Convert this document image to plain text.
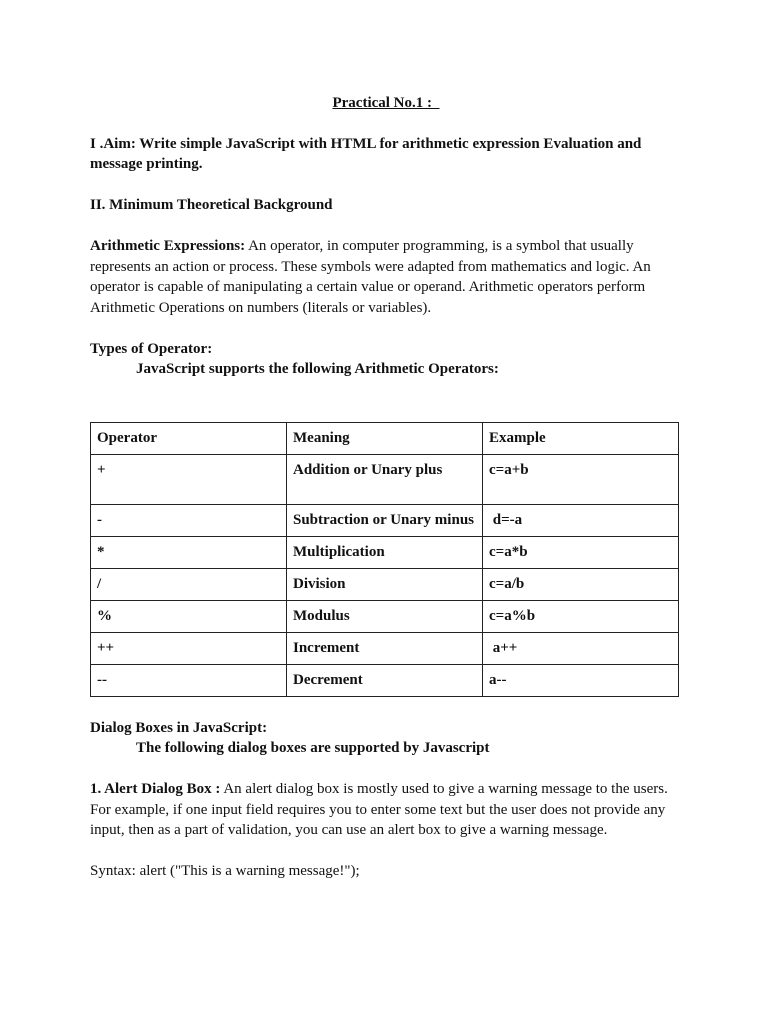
Practical No.1 :

I .Aim: Write simple JavaScript with HTML for arithmetic expression Evaluation and message printing.

II. Minimum Theoretical Background

Arithmetic Expressions: An operator, in computer programming, is a symbol that usually represents an action or process. These symbols were adapted from mathematics and logic. An operator is capable of manipulating a certain value or operand. Arithmetic operators perform Arithmetic Operations on numbers (literals or variables).

Types of Operator:

JavaScript supports the following Arithmetic Operators:

Operator	Meaning	Example
+	Addition or Unary plus	c=a+b
-	Subtraction or Unary minus	d=-a
*	Multiplication	c=a*b
/	Division	c=a/b
%	Modulus	c=a%b
++	Increment	a++
--	Decrement	a--

Dialog Boxes in JavaScript:

The following dialog boxes are supported by Javascript

1. Alert Dialog Box : An alert dialog box is mostly used to give a warning message to the users. For example, if one input field requires you to enter some text but the user does not provide any input, then as a part of validation, you can use an alert box to give a warning message.

Syntax: alert ("This is a warning message!");
